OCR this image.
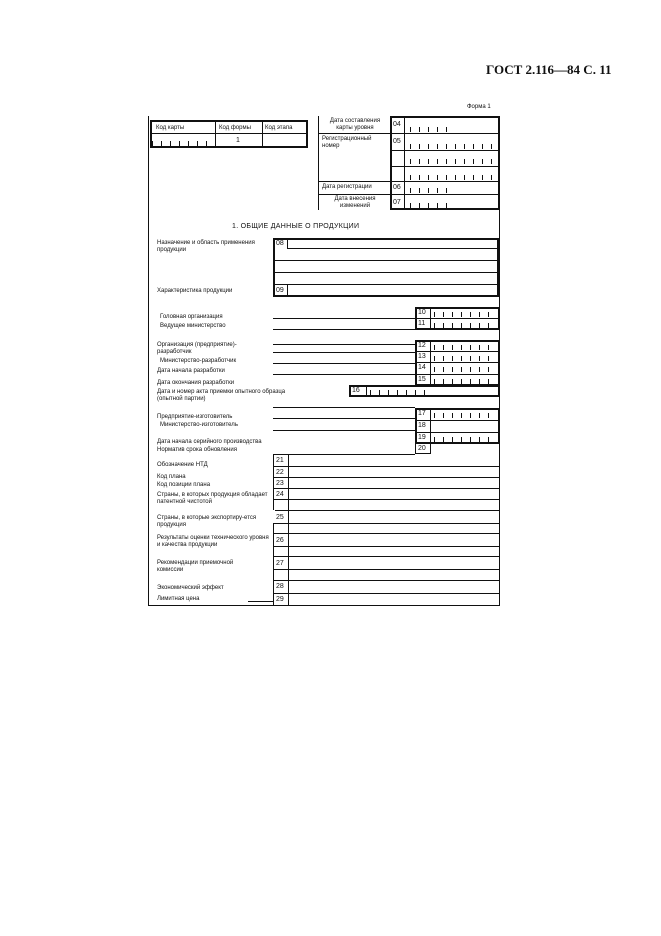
ГОСТ 2.116—84 С. 11
Форма 1
Код карты	Код формы Код этапа
1
Дата составления карты уровня
Регистрационный номер
Дата регистрации
Дата внесения изменений
04
05
06
07
1. ОБЩИЕ ДАННЫЕ О ПРОДУКЦИИ
Назначение и область применения продукции
08
09
Характеристика продукции
Головная организация
Ведущее министерство
10
11
Организация (предприятие)-разработчик
Министерство-разработчик
Дата начала разработки
Дата окончания разработки
12
13
14
15
Дата и номер акта приемки опытного образца (опытной партии)
16
Предприятие-изготовитель
Министерство-изготовитель
Дата начала серийного производства
Норматив срока обновления
17
18
19
20
21
22
23
24
25
26
27
28
29
Обозначение НТД
Код плана
Код позиции плана
Страны, в которых продукция обладает патентной чистотой
Страны, в которые экспортиру-ется продукция
Результаты оценки технического уровня и качества продукции
Рекомендации приемочной комиссии
Экономический эффект
Лимитная цена
